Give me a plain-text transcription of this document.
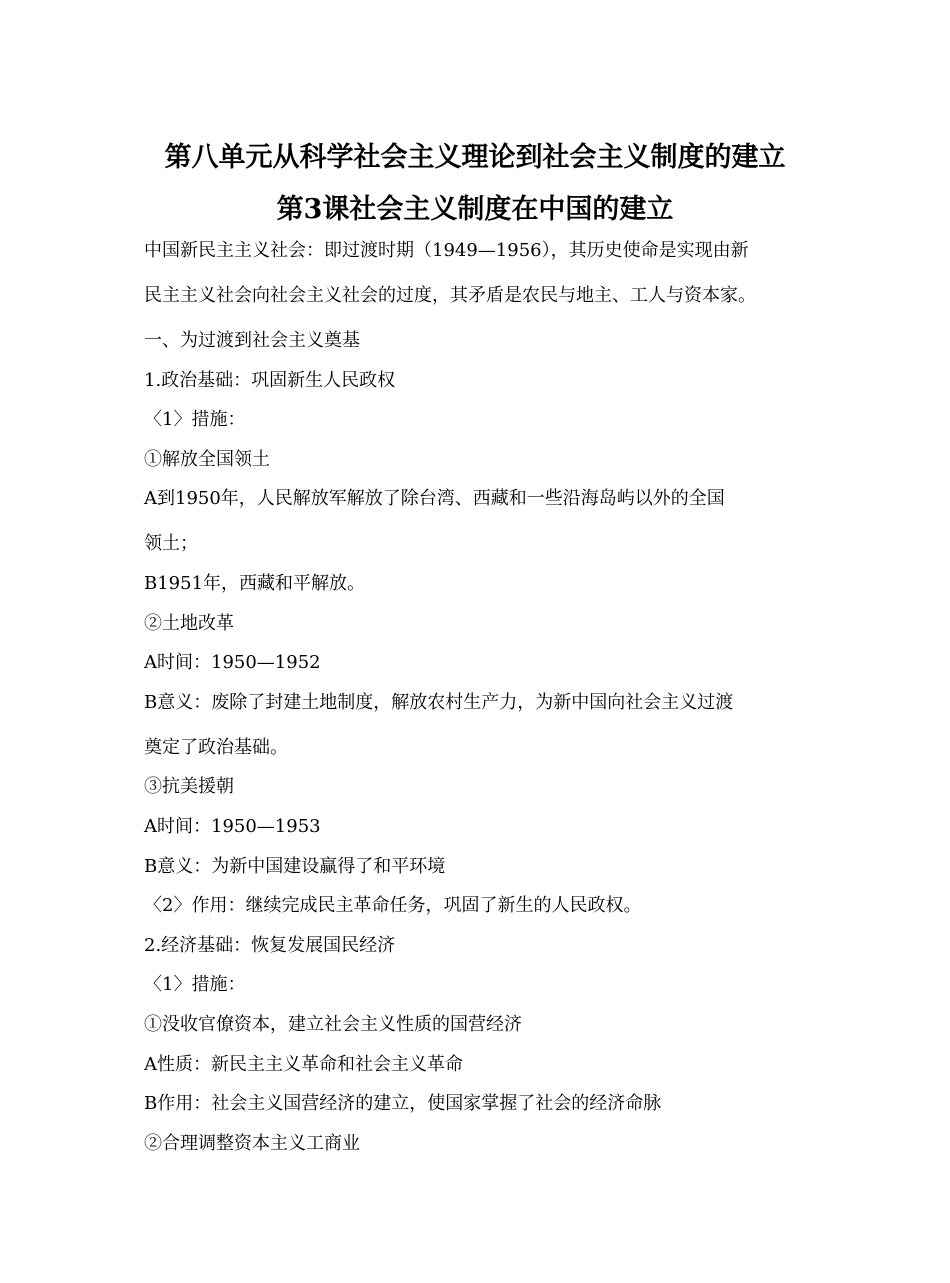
第八单元从科学社会主义理论到社会主义制度的建立
第3课社会主义制度在中国的建立
中国新民主主义社会：即过渡时期（1949—1956），其历史使命是实现由新
民主主义社会向社会主义社会的过度，其矛盾是农民与地主、工人与资本家。
一、为过渡到社会主义奠基
1.政治基础：巩固新生人民政权
〈1〉措施：
①解放全国领土
A到1950年，人民解放军解放了除台湾、西藏和一些沿海岛屿以外的全国
领土；
B1951年，西藏和平解放。
②土地改革
A时间：1950—1952
B意义：废除了封建土地制度，解放农村生产力，为新中国向社会主义过渡
奠定了政治基础。
③抗美援朝
A时间：1950—1953
B意义：为新中国建设赢得了和平环境
〈2〉作用：继续完成民主革命任务，巩固了新生的人民政权。
2.经济基础：恢复发展国民经济
〈1〉措施：
①没收官僚资本，建立社会主义性质的国营经济
A性质：新民主主义革命和社会主义革命
B作用：社会主义国营经济的建立，使国家掌握了社会的经济命脉
②合理调整资本主义工商业
